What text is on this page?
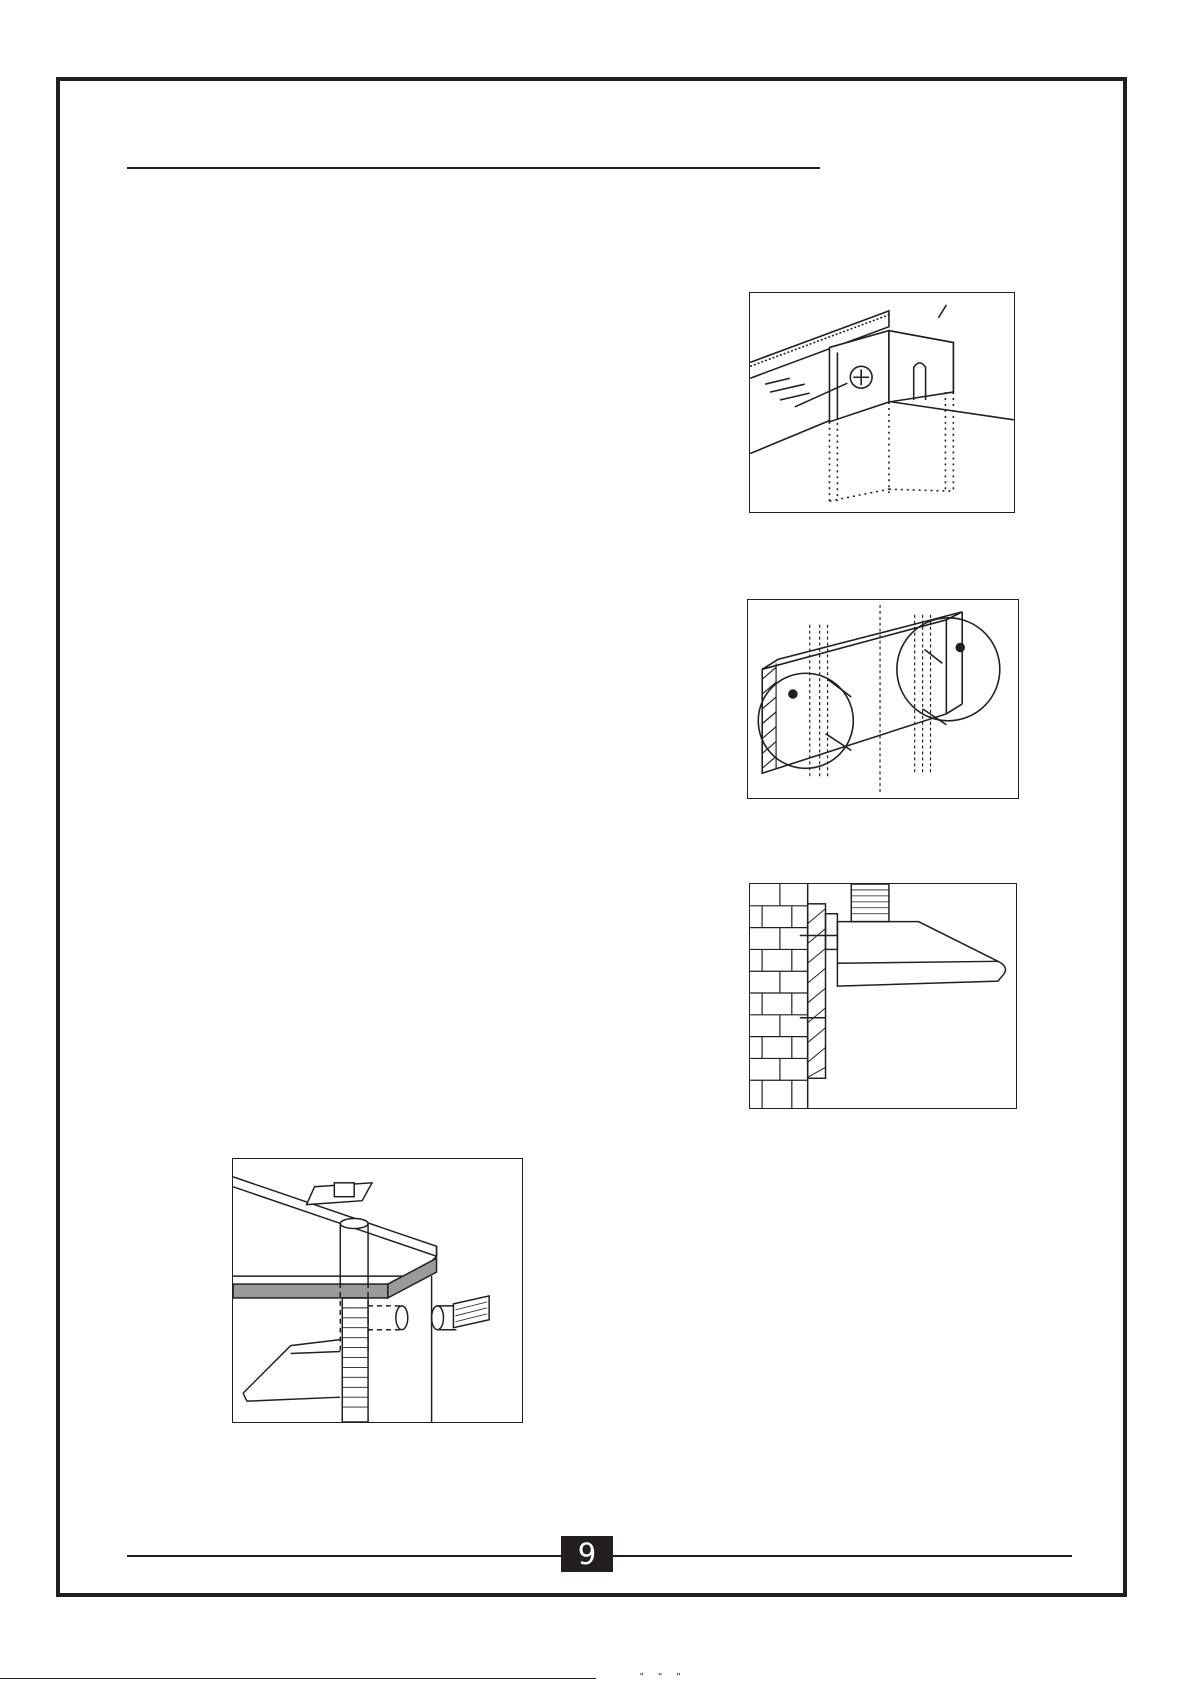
9
" " "
